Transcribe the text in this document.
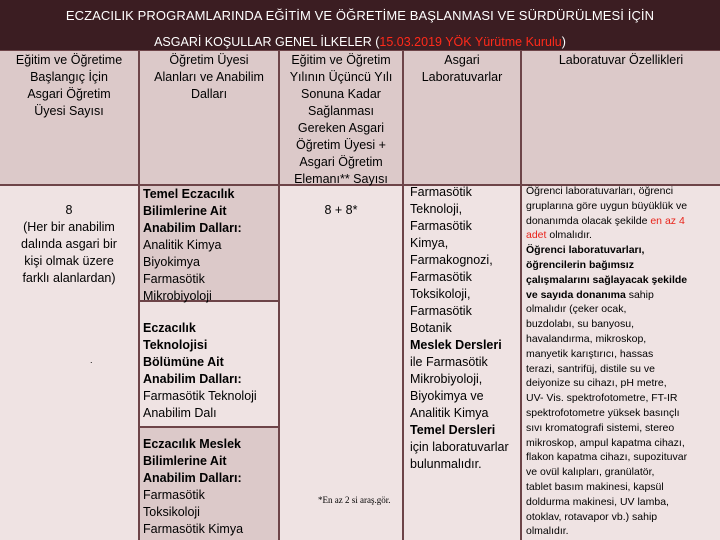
ECZACILIK PROGRAMLARINDA EĞİTİM VE ÖĞRETİME BAŞLANMASI VE SÜRDÜRÜLMESİ İÇİN
ASGARİ KOŞULLAR GENEL İLKELER (15.03.2019 YÖK Yürütme Kurulu)
Eğitim ve Öğretime
Başlangıç İçin
Asgari Öğretim
Üyesi Sayısı
Öğretim Üyesi
Alanları ve Anabilim
Dalları
Eğitim ve Öğretim
Yılının Üçüncü Yılı
Sonuna Kadar
Sağlanması
Gereken Asgari
Öğretim Üyesi +
Asgari Öğretim
Elemanı** Sayısı
Asgari
Laboratuvarlar
Laboratuvar Özellikleri
8
(Her bir anabilim
dalında asgari bir
kişi olmak üzere
farklı alanlardan)
.
Temel Eczacılık
Bilimlerine Ait
Anabilim Dalları:
Analitik Kimya
Biyokimya
Farmasötik
Mikrobiyoloji
Eczacılık
Teknolojisi
Bölümüne Ait
Anabilim Dalları:
Farmasötik Teknoloji
Anabilim Dalı
Eczacılık Meslek
Bilimlerine Ait
Anabilim Dalları:
Farmasötik
Toksikoloji
Farmasötik Kimya
8 + 8*
*En az 2 si araş.gör.
Farmasötik
Teknoloji,
Farmasötik
Kimya,
Farmakognozi,
Farmasötik
Toksikoloji,
Farmasötik
Botanik
Meslek Dersleri
ile Farmasötik
Mikrobiyoloji,
Biyokimya ve
Analitik Kimya
Temel Dersleri
için laboratuvarlar
bulunmalıdır.
Öğrenci laboratuvarları, öğrenci
gruplarına göre uygun büyüklük ve
donanımda olacak şekilde en az 4
adet olmalıdır.
Öğrenci laboratuvarları,
öğrencilerin bağımsız
çalışmalarını sağlayacak şekilde
ve sayıda donanıma sahip
olmalıdır (çeker ocak,
buzdolabı, su banyosu,
havalandırma, mikroskop,
manyetik karıştırıcı, hassas
terazi, santrifüj, distile su ve
deiyonize su cihazı, pH metre,
UV- Vis. spektrofotometre, FT-IR
spektrofotometre yüksek basınçlı
sıvı kromatografi sistemi, stereo
mikroskop, ampul kapatma cihazı,
flakon kapatma cihazı, supozituvar
ve ovül kalıpları, granülatör,
tablet basım makinesi, kapsül
doldurma makinesi, UV lamba,
otoklav, rotavapor vb.) sahip
olmalıdır.
